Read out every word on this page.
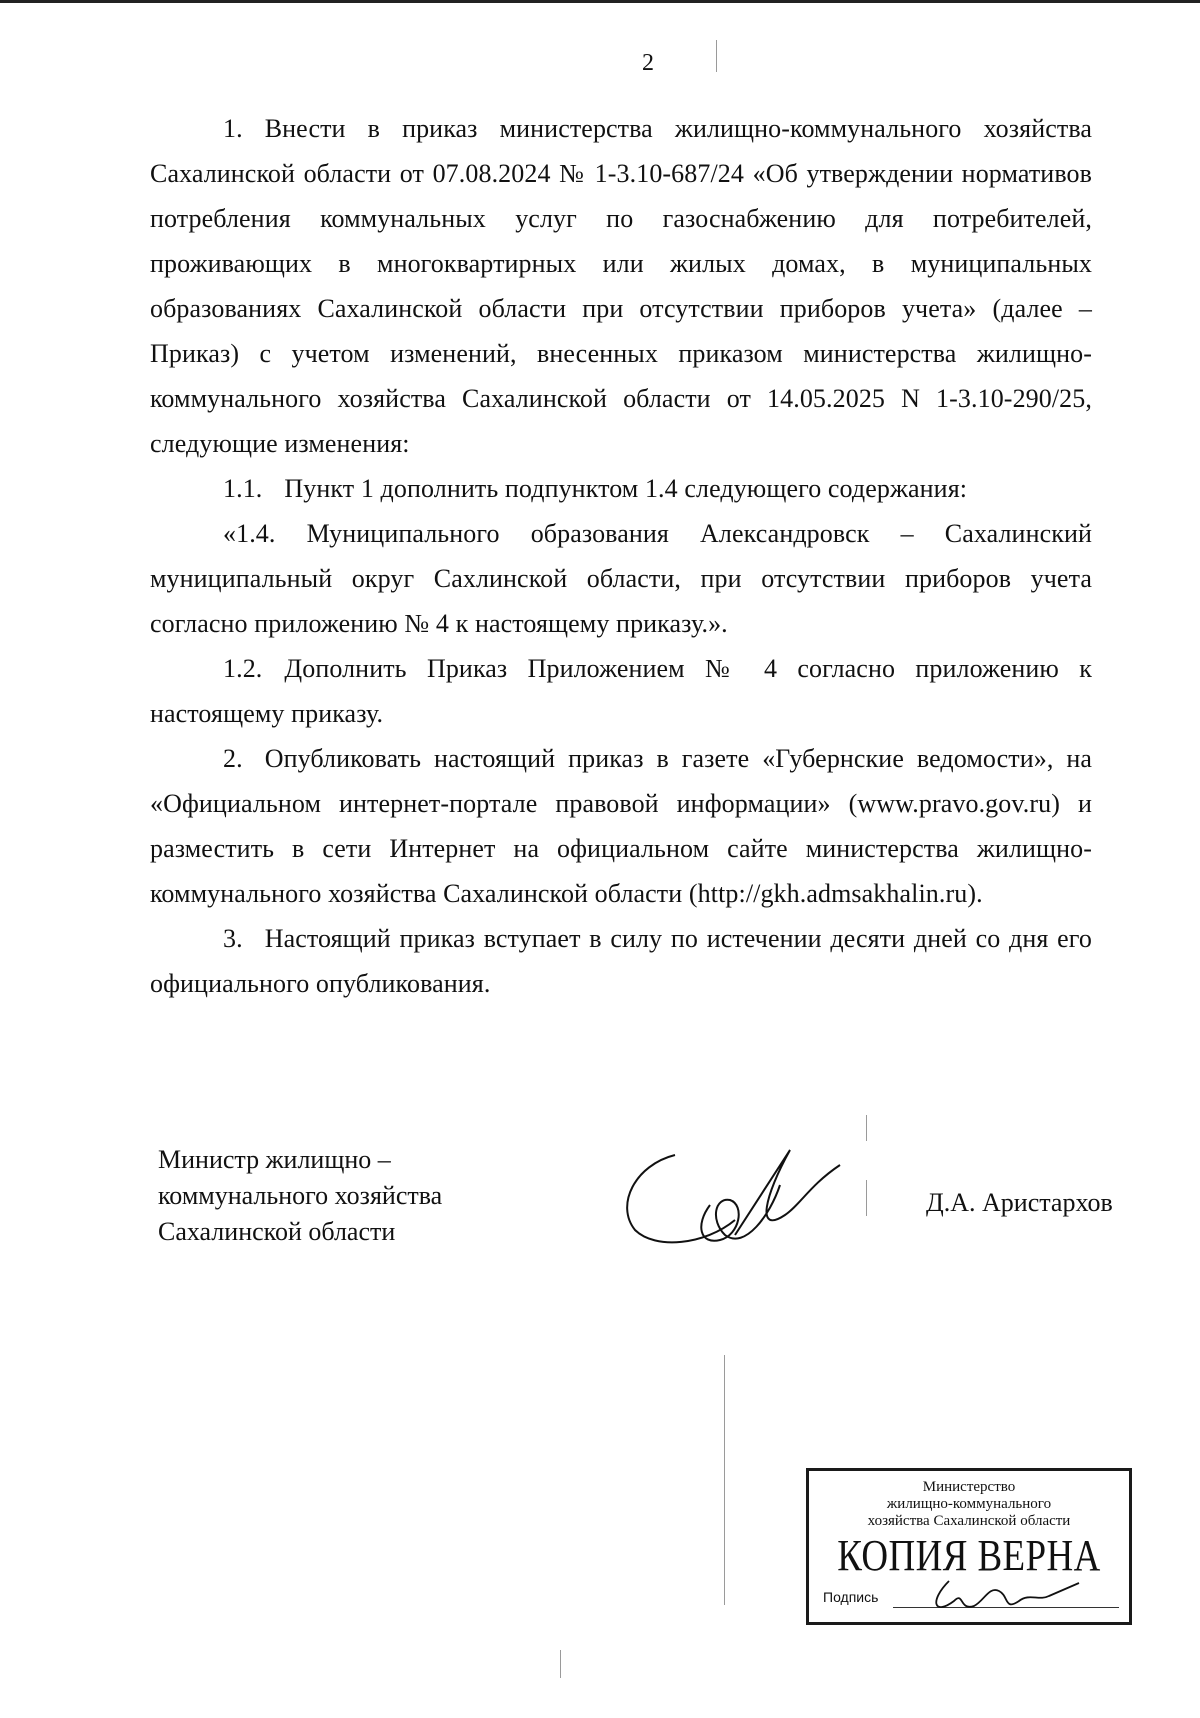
2

1. Внести в приказ министерства жилищно-коммунального хозяйства Сахалинской области от 07.08.2024 № 1-3.10-687/24 «Об утверждении нормативов потребления коммунальных услуг по газоснабжению для потребителей, проживающих в многоквартирных или жилых домах, в муниципальных образованиях Сахалинской области при отсутствии приборов учета» (далее – Приказ) с учетом изменений, внесенных приказом министерства жилищно-коммунального хозяйства Сахалинской области от 14.05.2025 N 1-3.10-290/25, следующие изменения:

1.1. Пункт 1 дополнить подпунктом 1.4 следующего содержания:

«1.4. Муниципального образования Александровск – Сахалинский муниципальный округ Сахлинской области, при отсутствии приборов учета согласно приложению № 4 к настоящему приказу.».

1.2. Дополнить Приказ Приложением № 4 согласно приложению к настоящему приказу.

2. Опубликовать настоящий приказ в газете «Губернские ведомости», на «Официальном интернет-портале правовой информации» (www.pravo.gov.ru) и разместить в сети Интернет на официальном сайте министерства жилищно-коммунального хозяйства Сахалинской области (http://gkh.admsakhalin.ru).

3. Настоящий приказ вступает в силу по истечении десяти дней со дня его официального опубликования.

Министр жилищно –
коммунального хозяйства
Сахалинской области
Д.А. Аристархов
Министерство
жилищно-коммунального
хозяйства Сахалинской области
КОПИЯ ВЕРНА
Подпись
